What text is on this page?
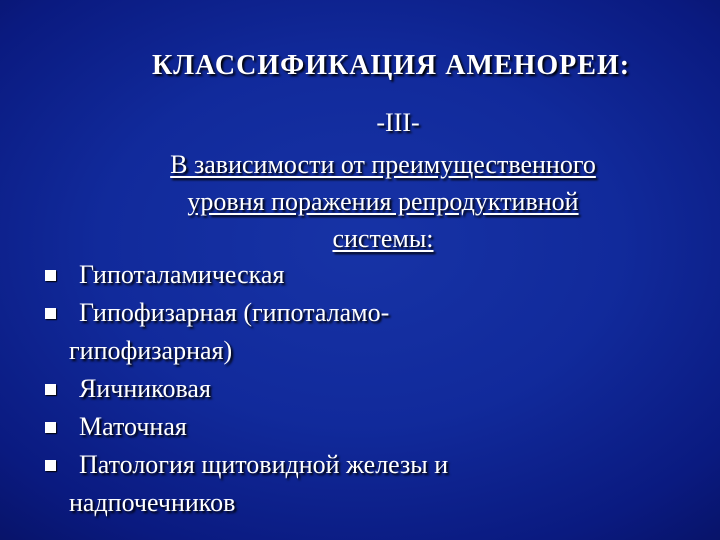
КЛАССИФИКАЦИЯ АМЕНОРЕИ:
-III-
В зависимости от преимущественного
уровня поражения репродуктивной
системы:
Гипоталамическая
Гипофизарная (гипоталамо-
гипофизарная)
Яичниковая
Маточная
Патология щитовидной железы и
надпочечников
